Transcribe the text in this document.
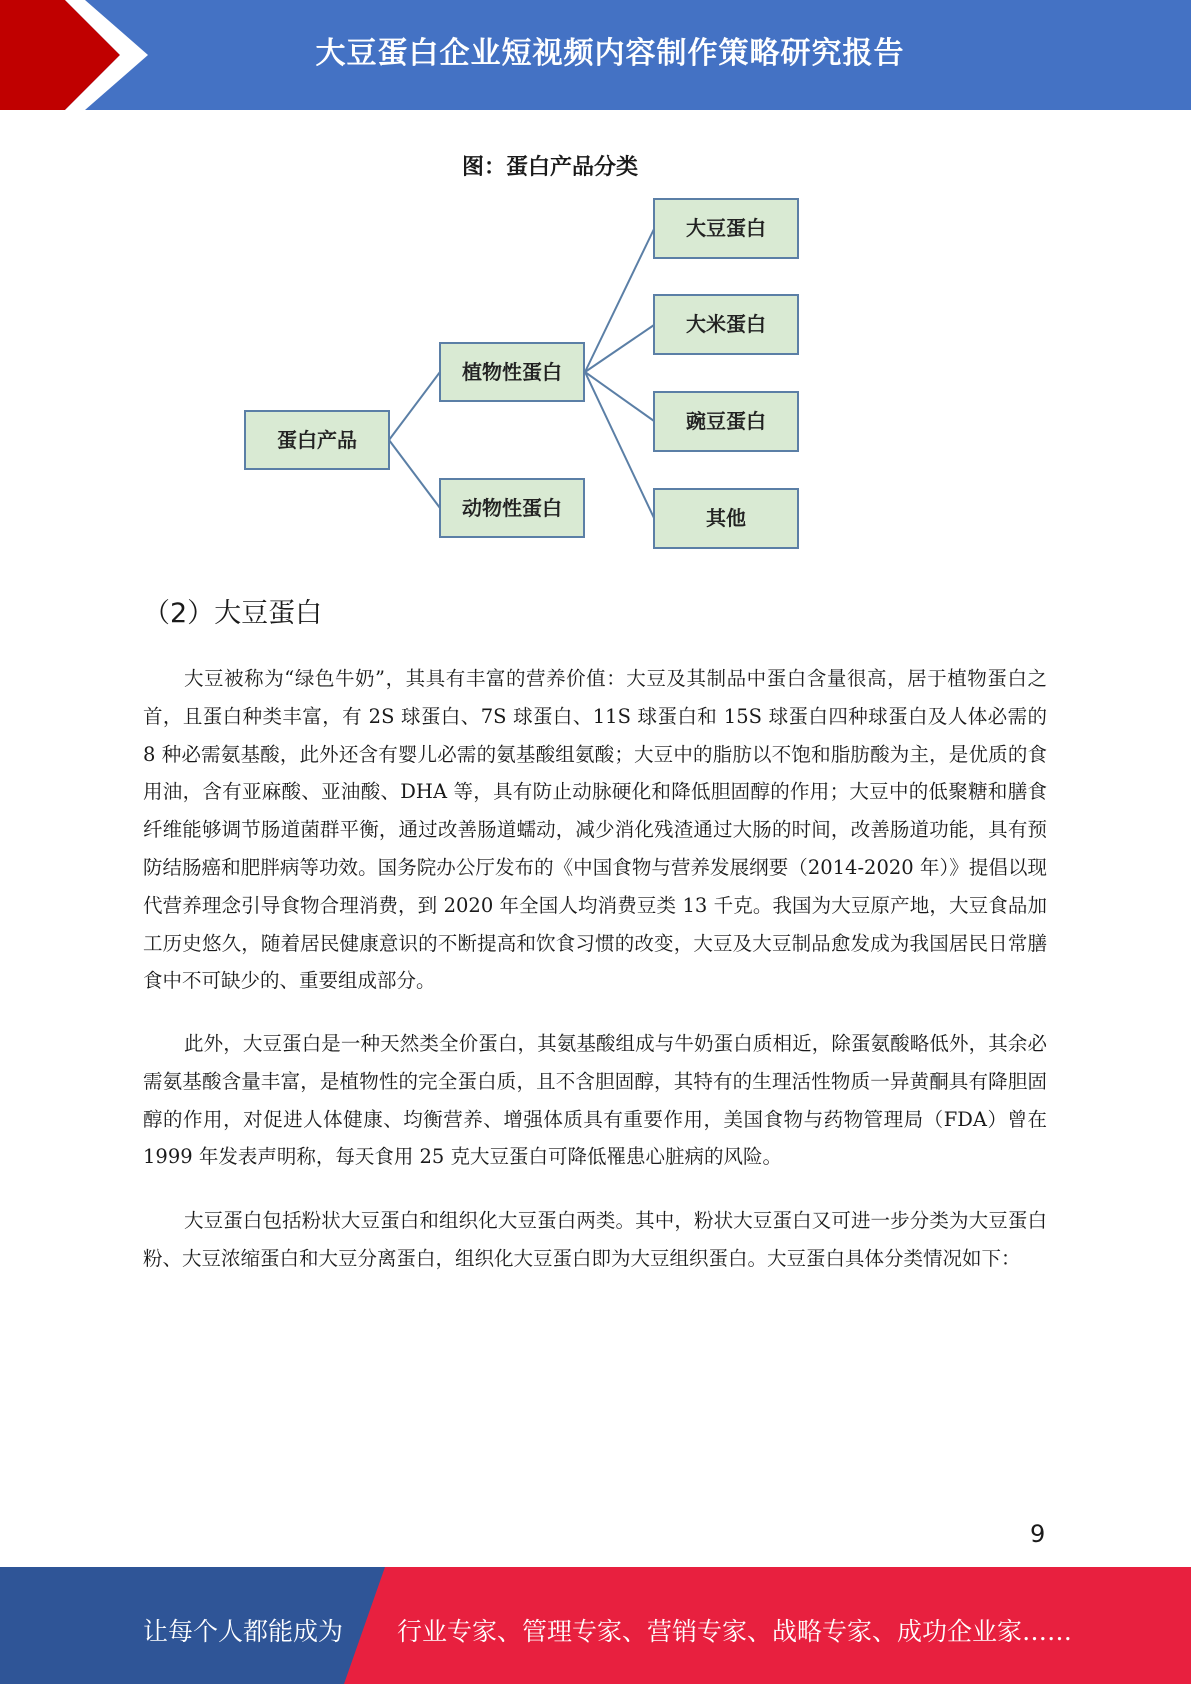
大豆蛋白企业短视频内容制作策略研究报告
图：蛋白产品分类
蛋白产品
植物性蛋白
动物性蛋白
大豆蛋白
大米蛋白
豌豆蛋白
其他
（2）大豆蛋白

大豆被称为“绿色牛奶”，其具有丰富的营养价值：大豆及其制品中蛋白含量很高，居于植物蛋白之首，且蛋白种类丰富，有 2S 球蛋白、7S 球蛋白、11S 球蛋白和 15S 球蛋白四种球蛋白及人体必需的 8 种必需氨基酸，此外还含有婴儿必需的氨基酸组氨酸；大豆中的脂肪以不饱和脂肪酸为主，是优质的食用油，含有亚麻酸、亚油酸、DHA 等，具有防止动脉硬化和降低胆固醇的作用；大豆中的低聚糖和膳食纤维能够调节肠道菌群平衡，通过改善肠道蠕动，减少消化残渣通过大肠的时间，改善肠道功能，具有预防结肠癌和肥胖病等功效。国务院办公厅发布的《中国食物与营养发展纲要（2014-2020 年）》提倡以现代营养理念引导食物合理消费，到 2020 年全国人均消费豆类 13 千克。我国为大豆原产地，大豆食品加工历史悠久，随着居民健康意识的不断提高和饮食习惯的改变，大豆及大豆制品愈发成为我国居民日常膳食中不可缺少的、重要组成部分。

此外，大豆蛋白是一种天然类全价蛋白，其氨基酸组成与牛奶蛋白质相近，除蛋氨酸略低外，其余必需氨基酸含量丰富，是植物性的完全蛋白质，且不含胆固醇，其特有的生理活性物质一异黄酮具有降胆固醇的作用，对促进人体健康、均衡营养、增强体质具有重要作用，美国食物与药物管理局（FDA）曾在 1999 年发表声明称，每天食用 25 克大豆蛋白可降低罹患心脏病的风险。

大豆蛋白包括粉状大豆蛋白和组织化大豆蛋白两类。其中，粉状大豆蛋白又可进一步分类为大豆蛋白粉、大豆浓缩蛋白和大豆分离蛋白，组织化大豆蛋白即为大豆组织蛋白。大豆蛋白具体分类情况如下：

9
让每个人都能成为 行业专家、管理专家、营销专家、战略专家、成功企业家……
